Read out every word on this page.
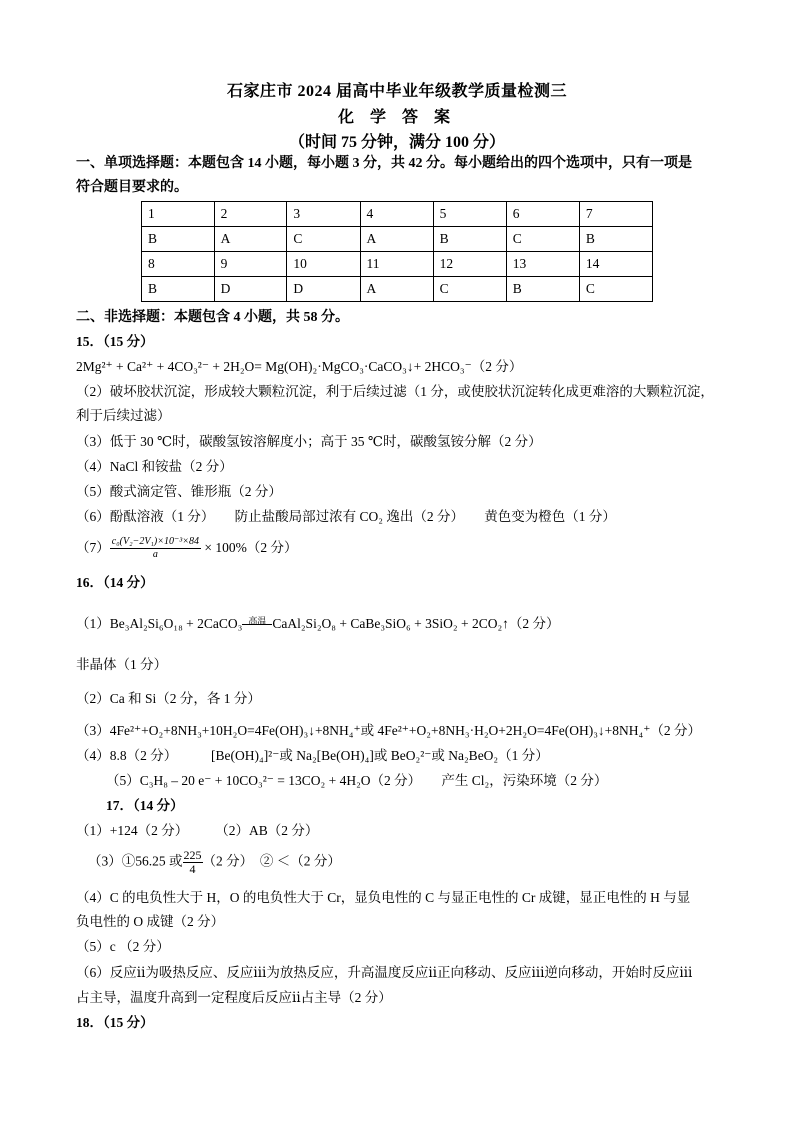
石家庄市 2024 届高中毕业年级教学质量检测三
化 学 答 案
（时间 75 分钟，满分 100 分）
一、单项选择题：本题包含 14 小题，每小题 3 分，共 42 分。每小题给出的四个选项中，只有一项是
符合题目要求的。
1	2	3	4	5	6	7
B	A	C	A	B	C	B
8	9	10	11	12	13	14
B	D	D	A	C	B	C
二、非选择题：本题包含 4 小题，共 58 分。
15．（15 分）
2Mg²⁺ + Ca²⁺ + 4CO₃²⁻ + 2H₂O= Mg(OH)₂·MgCO₃·CaCO₃↓+ 2HCO₃⁻（2 分）
（2）破坏胶状沉淀，形成较大颗粒沉淀，利于后续过滤（1 分，或使胶状沉淀转化成更难溶的大颗粒沉淀，
利于后续过滤）
（3）低于 30 ℃时，碳酸氢铵溶解度小；高于 35 ℃时，碳酸氢铵分解（2 分）
（4）NaCl 和铵盐（2 分）
（5）酸式滴定管、锥形瓶（2 分）
（6）酚酞溶液（1 分）　　防止盐酸局部过浓有 CO₂ 逸出（2 分）　　黄色变为橙色（1 分）
$(7) \frac{\text{c₀(V₂−2V₁)×10⁻³×84}}{a} \times 100\%(2$ 分）
16．（14 分）
（1）Be₃Al₂Si₆O₁₈ + 2CaCO₃ 高温 CaAl₂Si₂O₈ + CaBe₃SiO₆ + 3SiO₂ + 2CO₂↑（2 分）
非晶体（1 分）
（2）Ca 和 Si（2 分，各 1 分）
（3）4Fe²⁺+O₂+8NH₃+10H₂O=4Fe(OH)₃↓+8NH₄⁺或 4Fe²⁺+O₂+8NH₃·H₂O+2H₂O=4Fe(OH)₃↓+8NH₄⁺（2 分）
（4）8.8（2 分）　　　[Be(OH)₄]²⁻或 Na₂[Be(OH)₄]或 BeO₂²⁻或 Na₂BeO₂（1 分）
（5）C₃H₈ – 20 e⁻ + 10CO₃²⁻ = 13CO₂ + 4H₂O（2 分）　　产生 Cl₂，污染环境（2 分）
17．（14 分）
（1）+124（2 分）　　　（2）AB（2 分）
（3）①56.25 或 $\frac{225}{4} (2$ 分）　② ＜（2 分）
（4）C 的电负性大于 H，O 的电负性大于 Cr，显负电性的 C 与显正电性的 Cr 成键，显正电性的 H 与显
负电性的 O 成键（2 分）
（5）c （2 分）
（6）反应ⅱ为吸热反应、反应ⅲ为放热反应，升高温度反应ⅱ正向移动、反应ⅲ逆向移动，开始时反应ⅲ
占主导，温度升高到一定程度后反应ⅱ占主导（2 分）
18．（15 分）
